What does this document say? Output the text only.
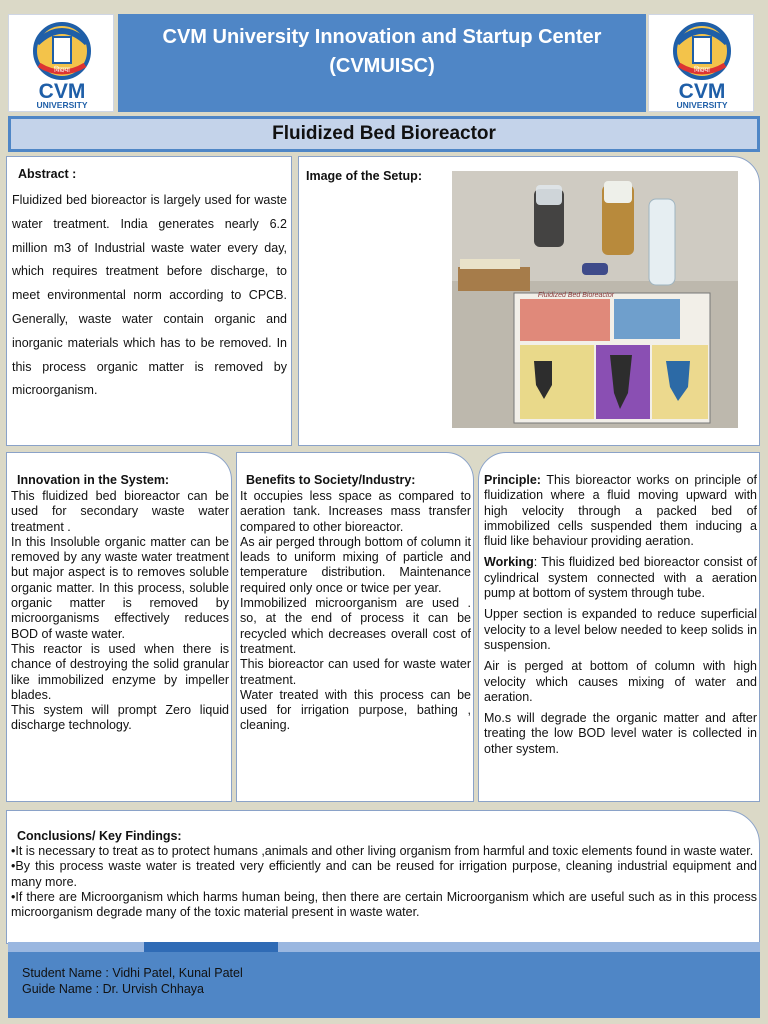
विद्यया
CVM
UNIVERSITY
CVM University Innovation and Startup Center
(CVMUISC)	विद्यया
CVM
UNIVERSITY
Fluidized Bed Bioreactor
Abstract :
Fluidized bed bioreactor is largely used for waste water treatment. India generates nearly 6.2 million m3 of Industrial waste water every day, which requires treatment before discharge, to meet environmental norm according to CPCB. Generally, waste water contain organic and inorganic materials which has to be removed. In this process organic matter is removed by microorganism.
Image of the Setup:
Fluidized Bed Bioreactor
Innovation in the System:

This fluidized bed bioreactor can be used for secondary waste water treatment .

In this Insoluble organic matter can be removed by any waste water treatment but major aspect is to removes soluble organic matter. In this process, soluble organic matter is removed by microorganisms effectively reduces BOD of waste water.

This reactor is used when there is chance of destroying the solid granular like immobilized enzyme by impeller blades.

This system will prompt Zero liquid discharge technology.

Benefits to Society/Industry:

It occupies less space as compared to aeration tank. Increases mass transfer compared to other bioreactor.

As air perged through bottom of column it leads to uniform mixing of particle and temperature distribution. Maintenance required only once or twice per year.

Immobilized microorganism are used . so, at the end of process it can be recycled which decreases overall cost of treatment.

This bioreactor can used for waste water treatment.

Water treated with this process can be used for irrigation purpose, bathing , cleaning.

Principle: This bioreactor works on principle of fluidization where a fluid moving upward with high velocity through a packed bed of immobilized cells suspended them inducing a fluid like behaviour providing aeration.

Working: This fluidized bed bioreactor consist of cylindrical system connected with a aeration pump at bottom of system through tube.

Upper section is expanded to reduce superficial velocity to a level below needed to keep solids in suspension.

Air is perged at bottom of column with high velocity which causes mixing of water and aeration.

Mo.s will degrade the organic matter and after treating the low BOD level water is collected in other system.

Conclusions/ Key Findings:

•It is necessary to treat as to protect humans ,animals and other living organism from harmful and toxic elements found in waste water.

•By this process waste water is treated very efficiently and can be reused for irrigation purpose, cleaning industrial equipment and many more.

•If there are Microorganism which harms human being, then there are certain Microorganism which are useful such as in this process microorganism degrade many of the toxic material present in waste water.

Student Name : Vidhi Patel, Kunal Patel
Guide Name : Dr. Urvish Chhaya
